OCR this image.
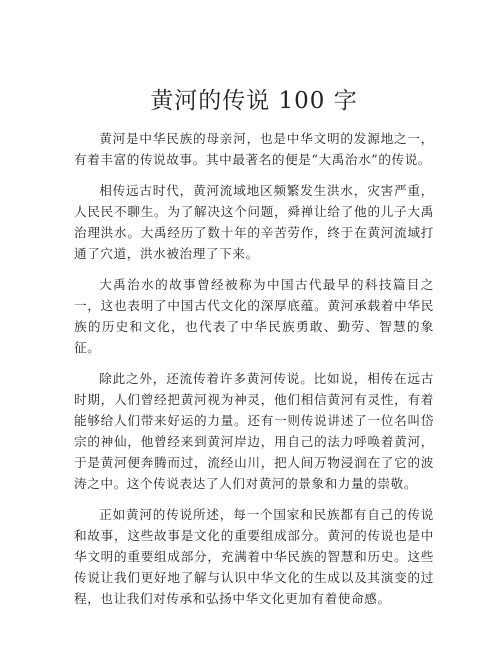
黄河的传说 100 字

黄河是中华民族的母亲河，也是中华文明的发源地之一，有着丰富的传说故事。其中最著名的便是“大禹治水”的传说。

相传远古时代，黄河流域地区频繁发生洪水，灾害严重，人民民不聊生。为了解决这个问题，舜禅让给了他的儿子大禹治理洪水。大禹经历了数十年的辛苦劳作，终于在黄河流域打通了穴道，洪水被治理了下来。

大禹治水的故事曾经被称为中国古代最早的科技篇目之一，这也表明了中国古代文化的深厚底蕴。黄河承载着中华民族的历史和文化，也代表了中华民族勇敢、勤劳、智慧的象征。

除此之外，还流传着许多黄河传说。比如说，相传在远古时期，人们曾经把黄河视为神灵，他们相信黄河有灵性，有着能够给人们带来好运的力量。还有一则传说讲述了一位名叫岱宗的神仙，他曾经来到黄河岸边，用自己的法力呼唤着黄河，于是黄河便奔腾而过，流经山川，把人间万物浸润在了它的波涛之中。这个传说表达了人们对黄河的景象和力量的崇敬。

正如黄河的传说所述，每一个国家和民族都有自己的传说和故事，这些故事是文化的重要组成部分。黄河的传说也是中华文明的重要组成部分，充满着中华民族的智慧和历史。这些传说让我们更好地了解与认识中华文化的生成以及其演变的过程，也让我们对传承和弘扬中华文化更加有着使命感。
